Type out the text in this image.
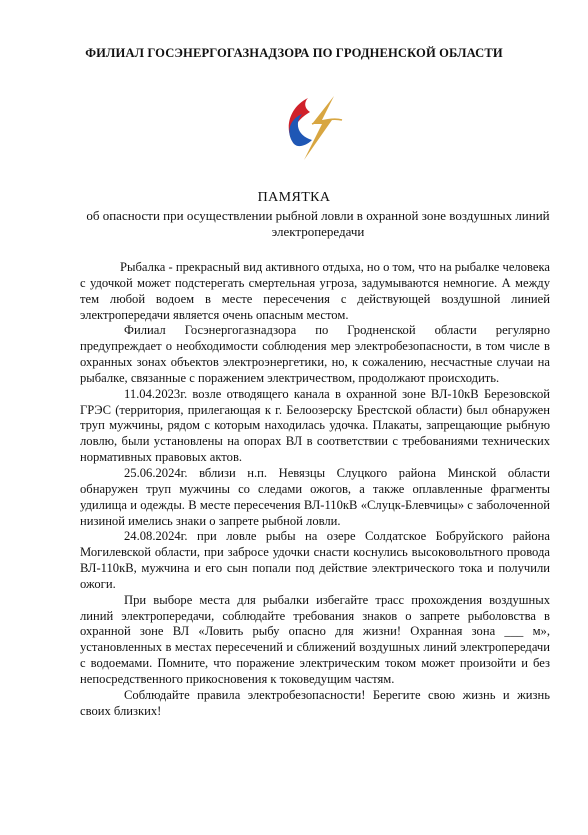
ФИЛИАЛ ГОСЭНЕРГОГАЗНАДЗОРА ПО ГРОДНЕНСКОЙ ОБЛАСТИ
ПАМЯТКА
об опасности при осуществлении рыбной ловли в охранной зоне воздушных линий электропередачи

Рыбалка - прекрасный вид активного отдыха, но о том, что на рыбалке человека с удочкой может подстерегать смертельная угроза, задумываются немногие. А между тем любой водоем в месте пересечения с действующей воздушной линией электропередачи является очень опасным местом.

Филиал Госэнергогазнадзора по Гродненской области регулярно предупреждает о необходимости соблюдения мер электробезопасности, в том числе в охранных зонах объектов электроэнергетики, но, к сожалению, несчастные случаи на рыбалке, связанные с поражением электричеством, продолжают происходить.

11.04.2023г. возле отводящего канала в охранной зоне ВЛ-10кВ Березовской ГРЭС (территория, прилегающая к г. Белоозерску Брестской области) был обнаружен труп мужчины, рядом с которым находилась удочка. Плакаты, запрещающие рыбную ловлю, были установлены на опорах ВЛ в соответствии с требованиями технических нормативных правовых актов.

25.06.2024г. вблизи н.п. Невязцы Слуцкого района Минской области обнаружен труп мужчины со следами ожогов, а также оплавленные фрагменты удилища и одежды. В месте пересечения ВЛ-110кВ «Слуцк-Блевчицы» с заболоченной низиной имелись знаки о запрете рыбной ловли.

24.08.2024г. при ловле рыбы на озере Солдатское Бобруйского района Могилевской области, при забросе удочки снасти коснулись высоковольтного провода ВЛ-110кВ, мужчина и его сын попали под действие электрического тока и получили ожоги.

При выборе места для рыбалки избегайте трасс прохождения воздушных линий электропередачи, соблюдайте требования знаков о запрете рыболовства в охранной зоне ВЛ «Ловить рыбу опасно для жизни! Охранная зона ___ м», установленных в местах пересечений и сближений воздушных линий электропередачи с водоемами. Помните, что поражение электрическим током может произойти и без непосредственного прикосновения к токоведущим частям.

Соблюдайте правила электробезопасности! Берегите свою жизнь и жизнь своих близких!
